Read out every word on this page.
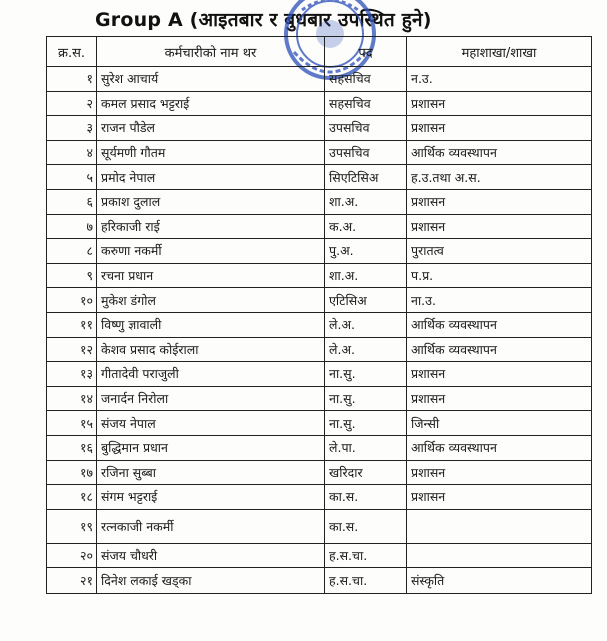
Group A (आइतबार र बुधबार उपस्थित हुने)
क्र.स.	कर्मचारीको नाम थर	पद	महाशाखा/शाखा
१	सुरेश आचार्य	सहसचिव	न.उ.
२	कमल प्रसाद भट्टराई	सहसचिव	प्रशासन
३	राजन पौडेल	उपसचिव	प्रशासन
४	सूर्यमणी गौतम	उपसचिव	आर्थिक व्यवस्थापन
५	प्रमोद नेपाल	सिएटिसिअ	ह.उ.तथा अ.स.
६	प्रकाश दुलाल	शा.अ.	प्रशासन
७	हरिकाजी राई	क.अ.	प्रशासन
८	करुणा नकर्मी	पु.अ.	पुरातत्व
९	रचना प्रधान	शा.अ.	प.प्र.
१०	मुकेश डंगोल	एटिसिअ	ना.उ.
११	विष्णु ज्ञावाली	ले.अ.	आर्थिक व्यवस्थापन
१२	केशव प्रसाद कोईराला	ले.अ.	आर्थिक व्यवस्थापन
१३	गीतादेवी पराजुली	ना.सु.	प्रशासन
१४	जनार्दन निरोला	ना.सु.	प्रशासन
१५	संजय नेपाल	ना.सु.	जिन्सी
१६	बुद्धिमान प्रधान	ले.पा.	आर्थिक व्यवस्थापन
१७	रजिना सुब्बा	खरिदार	प्रशासन
१८	संगम भट्टराई	का.स.	प्रशासन
१९	रत्नकाजी नकर्मी	का.स.	
२०	संजय चौधरी	ह.स.चा.	
२१	दिनेश लकाई खड्का	ह.स.चा.	संस्कृति
